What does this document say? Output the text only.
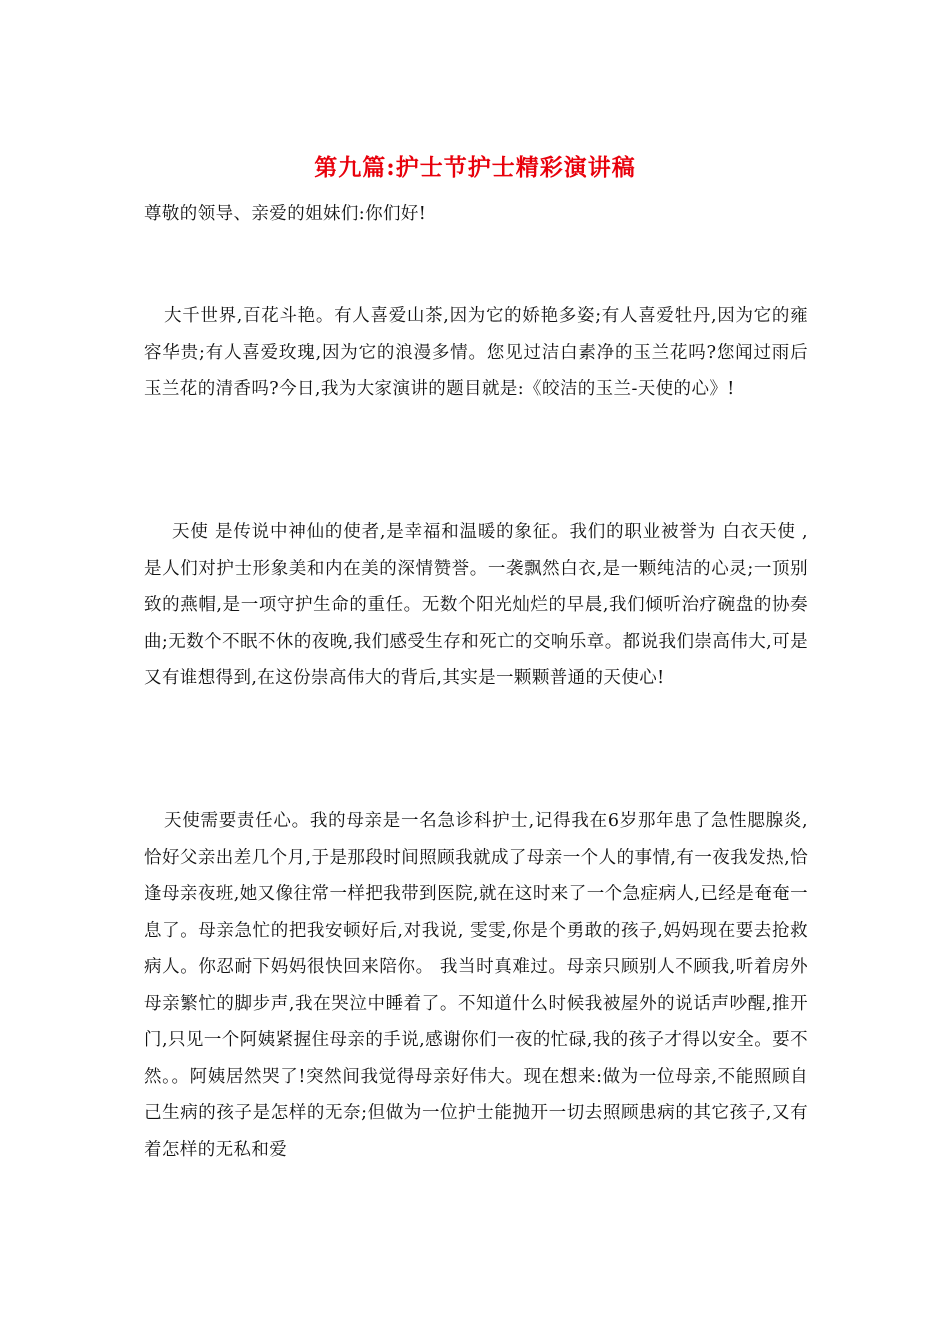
第九篇:护士节护士精彩演讲稿

尊敬的领导、亲爱的姐妹们:你们好!

大千世界,百花斗艳。有人喜爱山茶,因为它的娇艳多姿;有人喜爱牡丹,因为它的雍容华贵;有人喜爱玫瑰,因为它的浪漫多情。您见过洁白素净的玉兰花吗?您闻过雨后玉兰花的清香吗?今日,我为大家演讲的题目就是:《皎洁的玉兰-天使的心》!

天使 是传说中神仙的使者,是幸福和温暖的象征。我们的职业被誉为 白衣天使 ,是人们对护士形象美和内在美的深情赞誉。一袭飘然白衣,是一颗纯洁的心灵;一顶别致的燕帽,是一项守护生命的重任。无数个阳光灿烂的早晨,我们倾听治疗碗盘的协奏曲;无数个不眠不休的夜晚,我们感受生存和死亡的交响乐章。都说我们崇高伟大,可是又有谁想得到,在这份崇高伟大的背后,其实是一颗颗普通的天使心!

天使需要责任心。我的母亲是一名急诊科护士,记得我在6岁那年患了急性腮腺炎,恰好父亲出差几个月,于是那段时间照顾我就成了母亲一个人的事情,有一夜我发热,恰逢母亲夜班,她又像往常一样把我带到医院,就在这时来了一个急症病人,已经是奄奄一息了。母亲急忙的把我安顿好后,对我说, 雯雯,你是个勇敢的孩子,妈妈现在要去抢救病人。你忍耐下妈妈很快回来陪你。 我当时真难过。母亲只顾别人不顾我,听着房外母亲繁忙的脚步声,我在哭泣中睡着了。不知道什么时候我被屋外的说话声吵醒,推开门,只见一个阿姨紧握住母亲的手说,感谢你们一夜的忙碌,我的孩子才得以安全。要不然。。阿姨居然哭了!突然间我觉得母亲好伟大。现在想来:做为一位母亲,不能照顾自己生病的孩子是怎样的无奈;但做为一位护士能抛开一切去照顾患病的其它孩子,又有着怎样的无私和爱
